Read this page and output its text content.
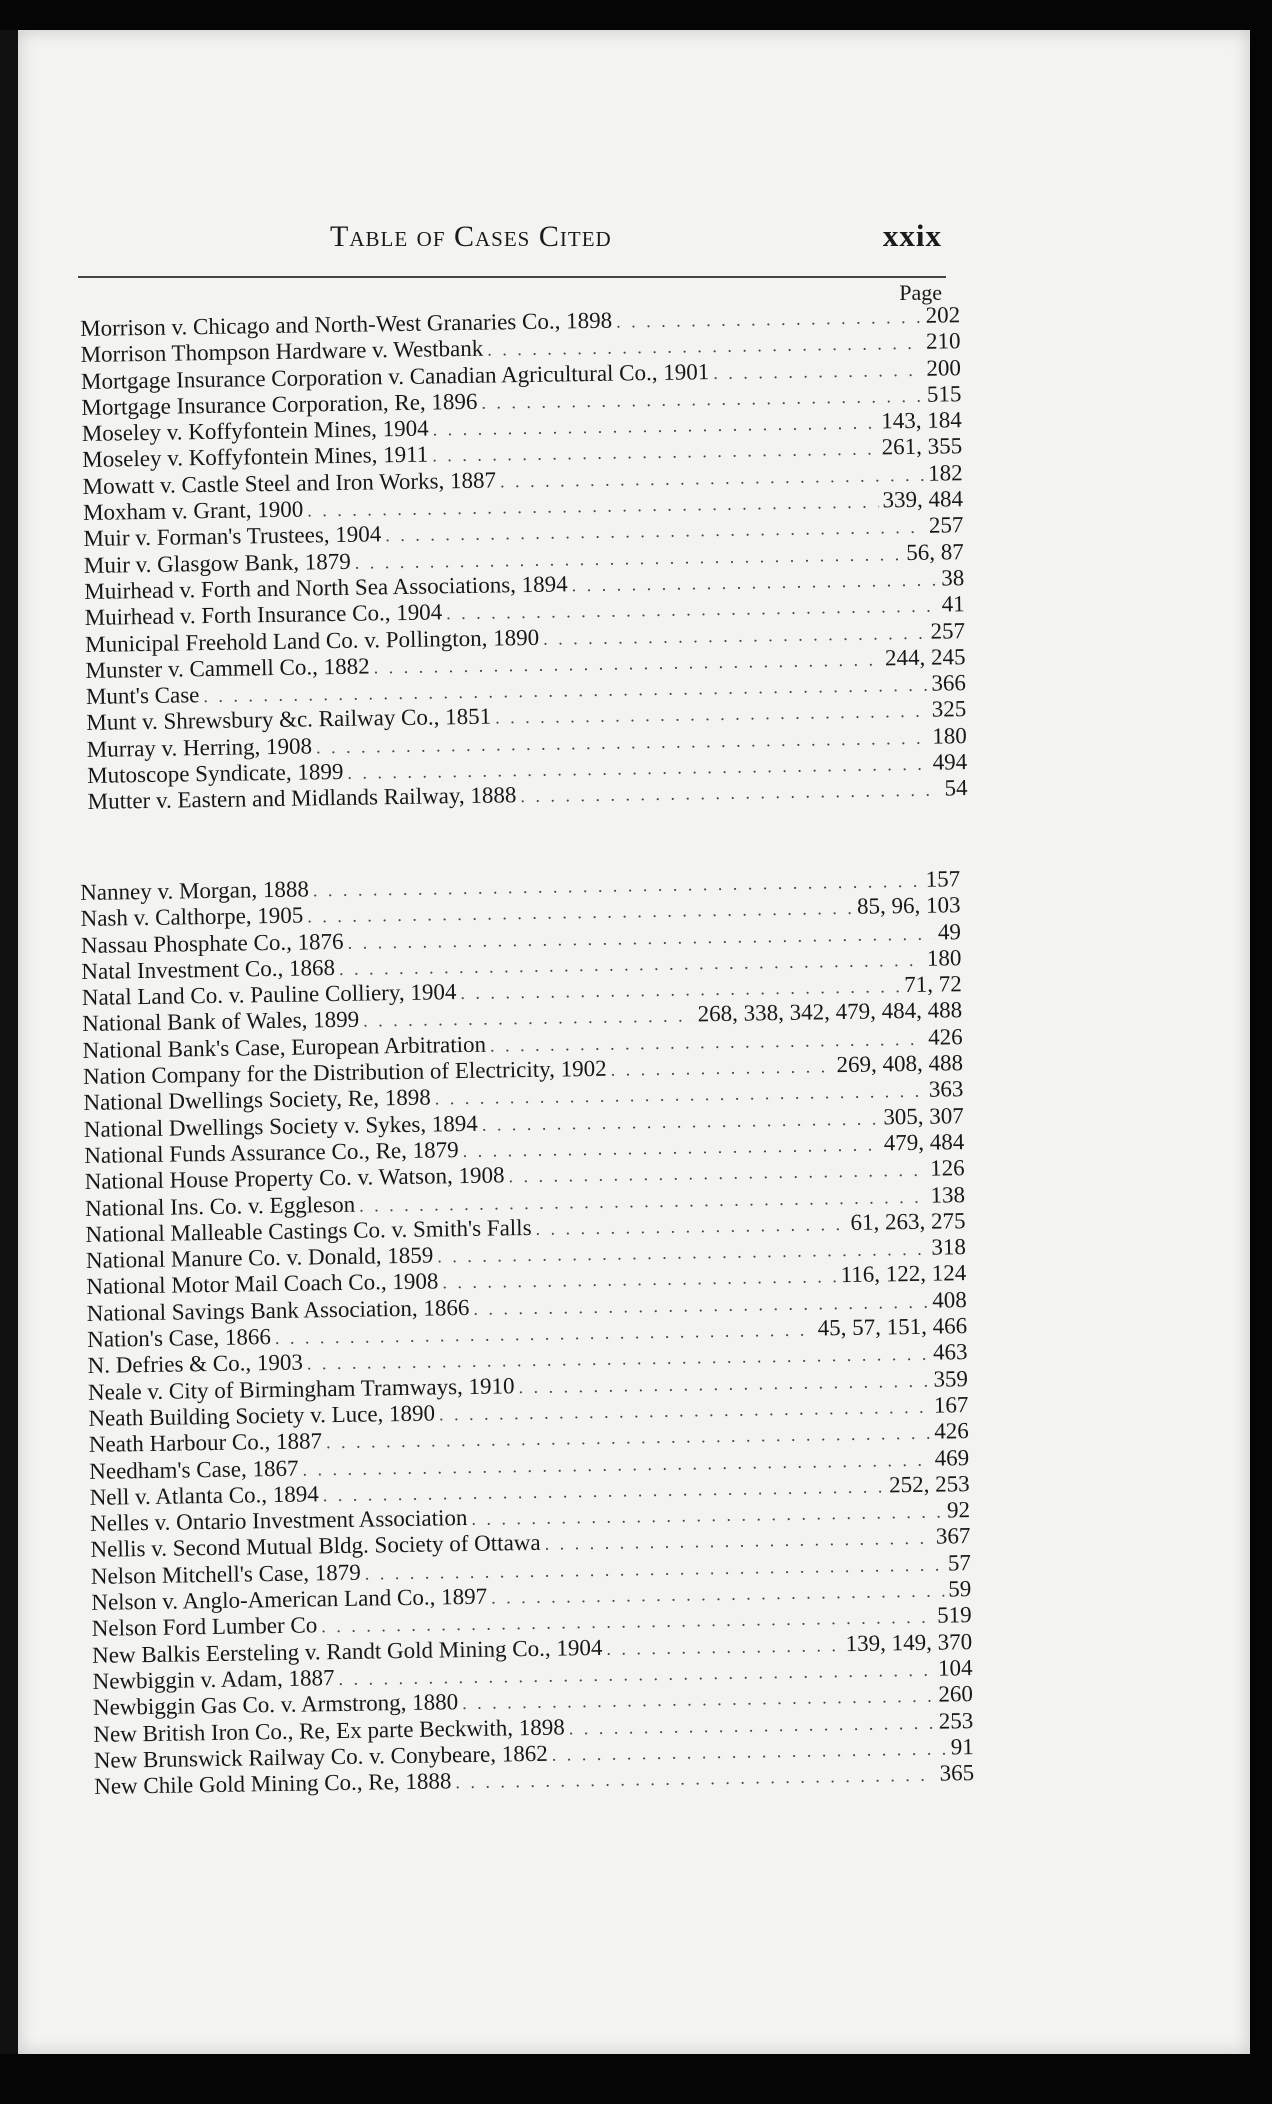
Table of Cases Cited	xxix
Page
Morrison v. Chicago and North-West Granaries Co., 1898 . . .	202
Morrison Thompson Hardware v. Westbank . . .	210
Mortgage Insurance Corporation v. Canadian Agricultural Co., 1901 . . .	200
Mortgage Insurance Corporation, Re, 1896 . . .	515
Moseley v. Koffyfontein Mines, 1904 . . .	143, 184
Moseley v. Koffyfontein Mines, 1911 . . .	261, 355
Mowatt v. Castle Steel and Iron Works, 1887 . . .	182
Moxham v. Grant, 1900 . . .	339, 484
Muir v. Forman's Trustees, 1904 . . .	257
Muir v. Glasgow Bank, 1879 . . .	56, 87
Muirhead v. Forth and North Sea Associations, 1894 . . .	38
Muirhead v. Forth Insurance Co., 1904 . . .	41
Municipal Freehold Land Co. v. Pollington, 1890 . . .	257
Munster v. Cammell Co., 1882 . . .	244, 245
Munt's Case . . .	366
Munt v. Shrewsbury &c. Railway Co., 1851 . . .	325
Murray v. Herring, 1908 . . .	180
Mutoscope Syndicate, 1899 . . .	494
Mutter v. Eastern and Midlands Railway, 1888 . . .	54
Nanney v. Morgan, 1888 . . .	157
Nash v. Calthorpe, 1905 . . .	85, 96, 103
Nassau Phosphate Co., 1876 . . .	49
Natal Investment Co., 1868 . . .	180
Natal Land Co. v. Pauline Colliery, 1904 . . .	71, 72
National Bank of Wales, 1899 . . .	268, 338, 342, 479, 484, 488
National Bank's Case, European Arbitration . . .	426
Nation Company for the Distribution of Electricity, 1902 . . .	269, 408, 488
National Dwellings Society, Re, 1898 . . .	363
National Dwellings Society v. Sykes, 1894 . . .	305, 307
National Funds Assurance Co., Re, 1879 . . .	479, 484
National House Property Co. v. Watson, 1908 . . .	126
National Ins. Co. v. Eggleson . . .	138
National Malleable Castings Co. v. Smith's Falls . . .	61, 263, 275
National Manure Co. v. Donald, 1859 . . .	318
National Motor Mail Coach Co., 1908 . . .	116, 122, 124
National Savings Bank Association, 1866 . . .	408
Nation's Case, 1866 . . .	45, 57, 151, 466
N. Defries & Co., 1903 . . .	463
Neale v. City of Birmingham Tramways, 1910 . . .	359
Neath Building Society v. Luce, 1890 . . .	167
Neath Harbour Co., 1887 . . .	426
Needham's Case, 1867 . . .	469
Nell v. Atlanta Co., 1894 . . .	252, 253
Nelles v. Ontario Investment Association . . .	92
Nellis v. Second Mutual Bldg. Society of Ottawa . . .	367
Nelson Mitchell's Case, 1879 . . .	57
Nelson v. Anglo-American Land Co., 1897 . . .	59
Nelson Ford Lumber Co . . .	519
New Balkis Eersteling v. Randt Gold Mining Co., 1904 . . .	139, 149, 370
Newbiggin v. Adam, 1887 . . .	104
Newbiggin Gas Co. v. Armstrong, 1880 . . .	260
New British Iron Co., Re, Ex parte Beckwith, 1898 . . .	253
New Brunswick Railway Co. v. Conybeare, 1862 . . .	91
New Chile Gold Mining Co., Re, 1888 . . .	365
